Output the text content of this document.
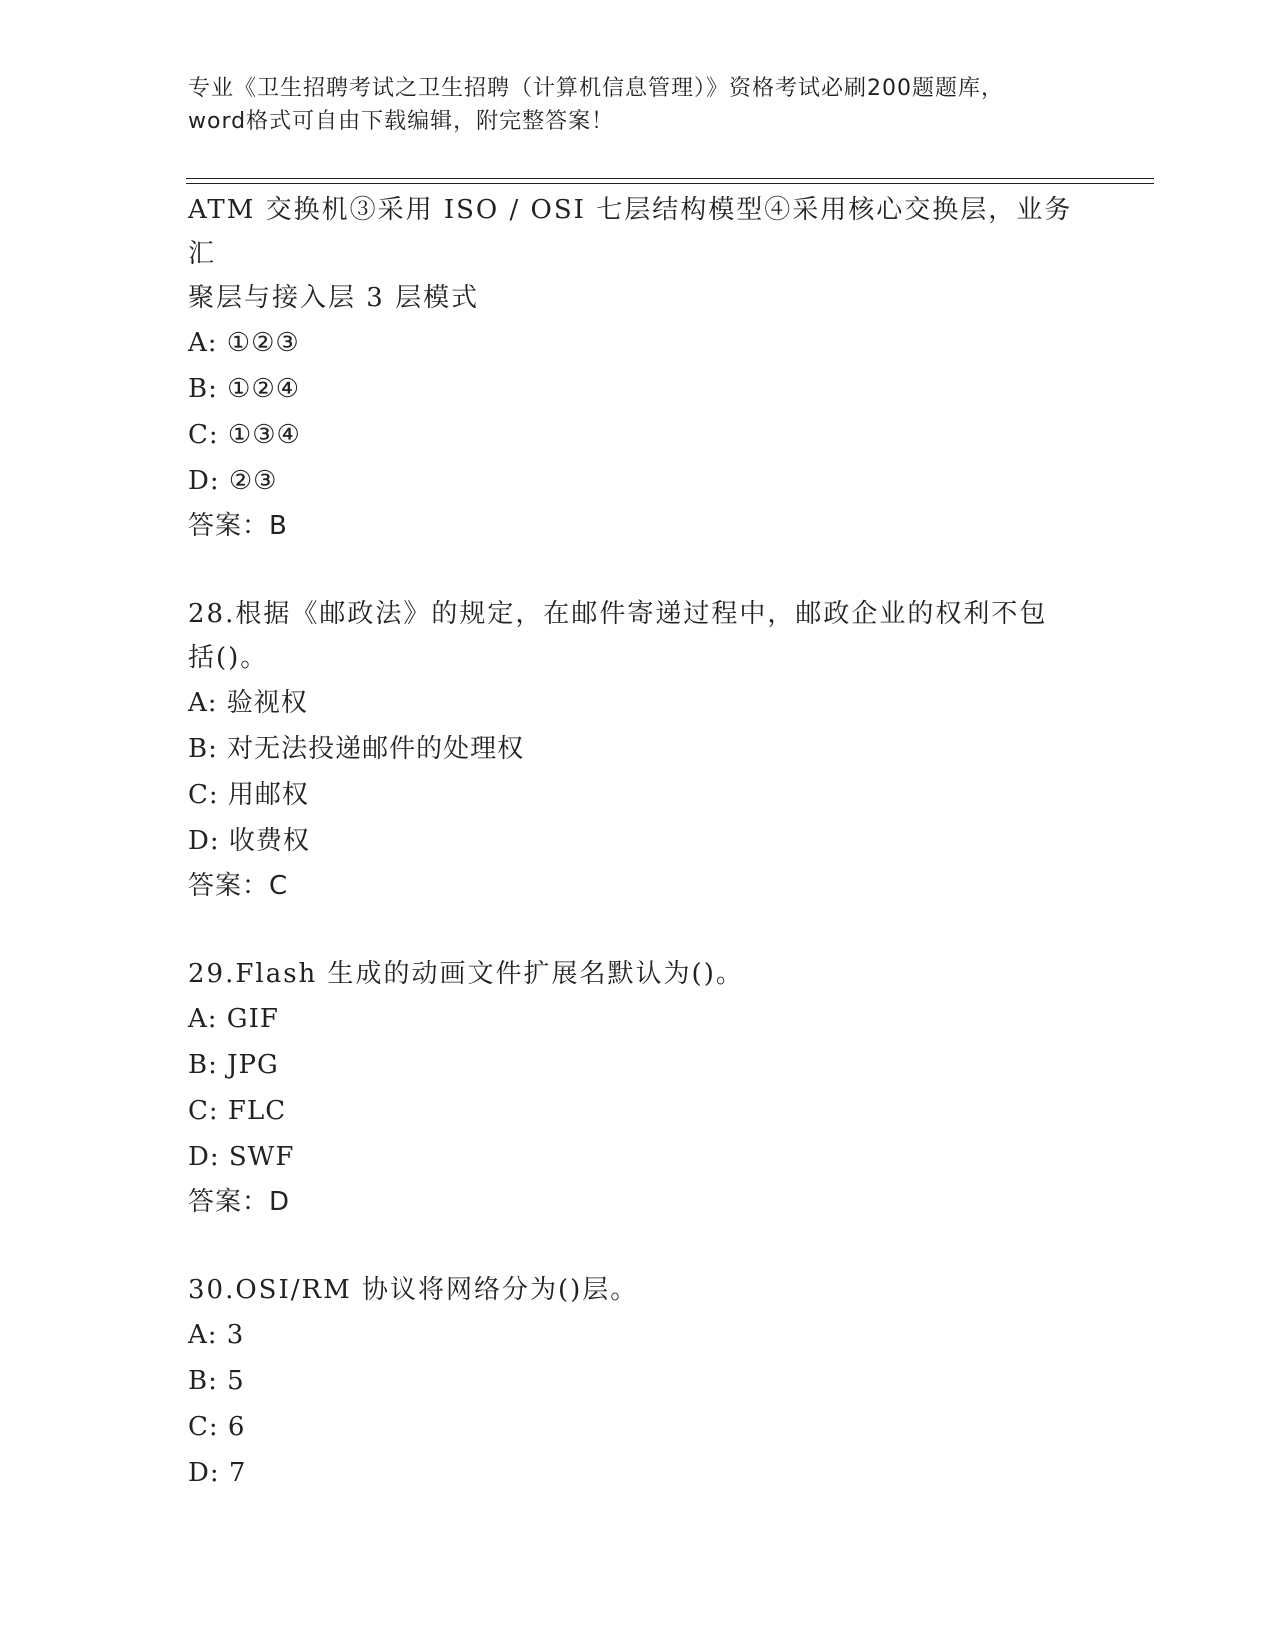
专业《卫生招聘考试之卫生招聘（计算机信息管理）》资格考试必刷200题题库，
word格式可自由下载编辑，附完整答案！
ATM 交换机③采用 ISO / OSI 七层结构模型④采用核心交换层，业务汇
聚层与接入层 3 层模式
A: ①②③
B: ①②④
C: ①③④
D: ②③
答案：B
28.根据《邮政法》的规定，在邮件寄递过程中，邮政企业的权利不包
括()。
A: 验视权
B: 对无法投递邮件的处理权
C: 用邮权
D: 收费权
答案：C
29.Flash 生成的动画文件扩展名默认为()。
A: GIF
B: JPG
C: FLC
D: SWF
答案：D
30.OSI/RM 协议将网络分为()层。
A: 3
B: 5
C: 6
D: 7
